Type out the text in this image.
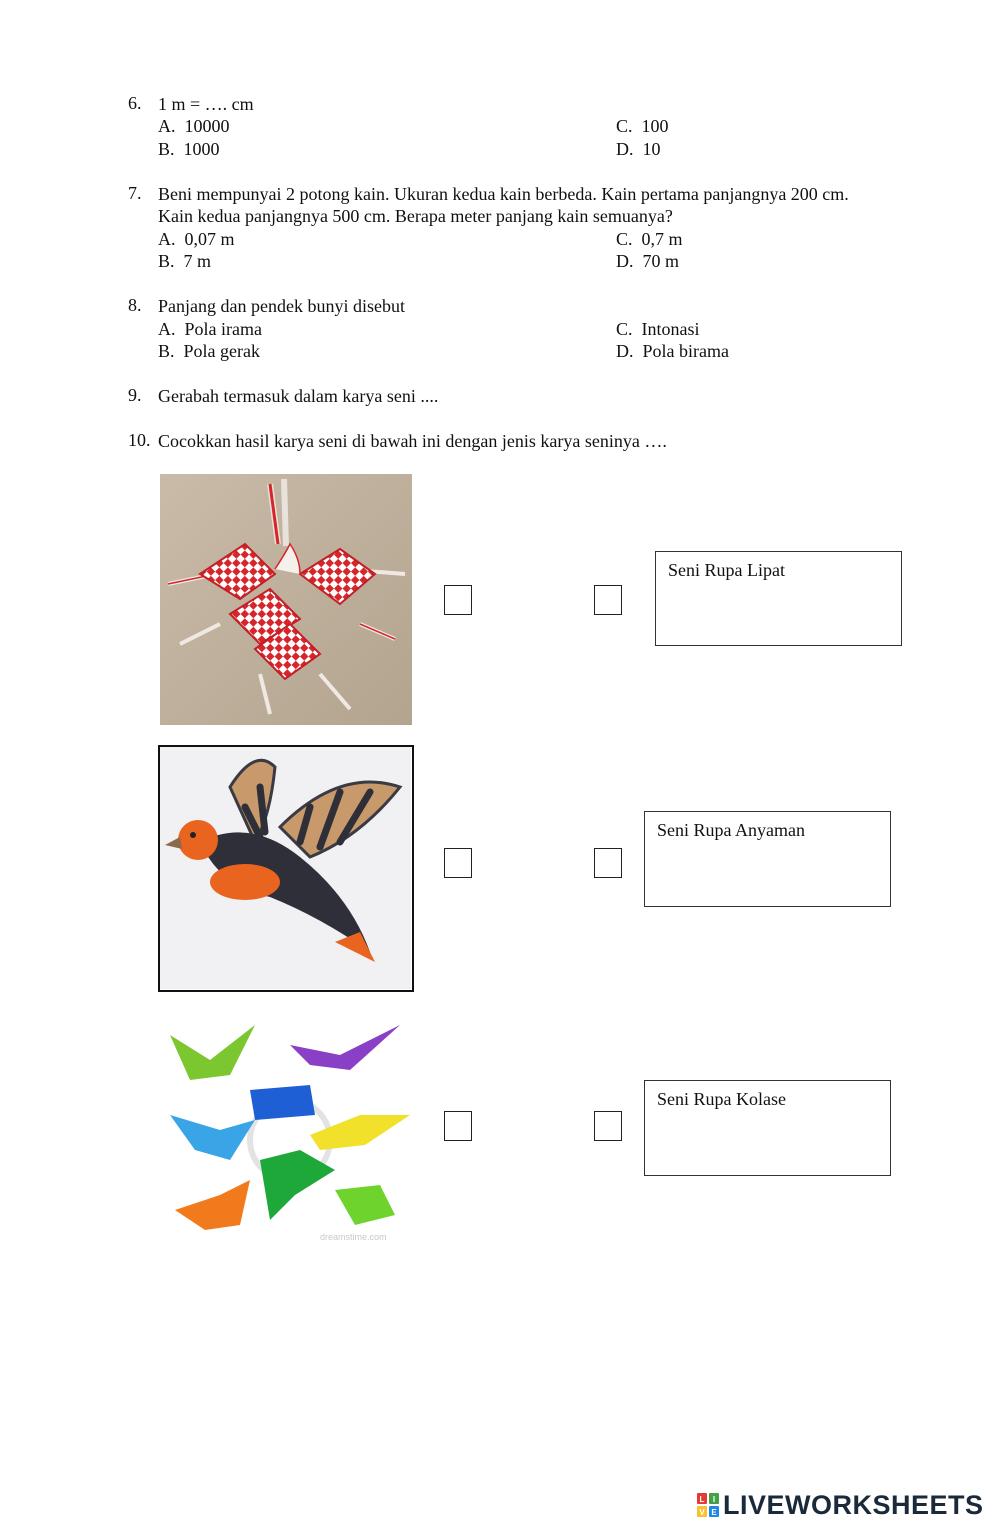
6. 1 m = …. cm
A. 10000
B. 1000
C. 100
D. 10
7. Beni mempunyai 2 potong kain. Ukuran kedua kain berbeda. Kain pertama panjangnya 200 cm.
Kain kedua panjangnya 500 cm. Berapa meter panjang kain semuanya?
A. 0,07 m
B. 7 m
C. 0,7 m
D. 70 m
8. Panjang dan pendek bunyi disebut
A. Pola irama
B. Pola gerak
C. Intonasi
D. Pola birama
9. Gerabah termasuk dalam karya seni ....
10. Cocokkan hasil karya seni di bawah ini dengan jenis karya seninya ….
dreamstime.com
Seni Rupa Lipat
Seni Rupa Anyaman
Seni Rupa Kolase
L I
V E LIVEWORKSHEETS
